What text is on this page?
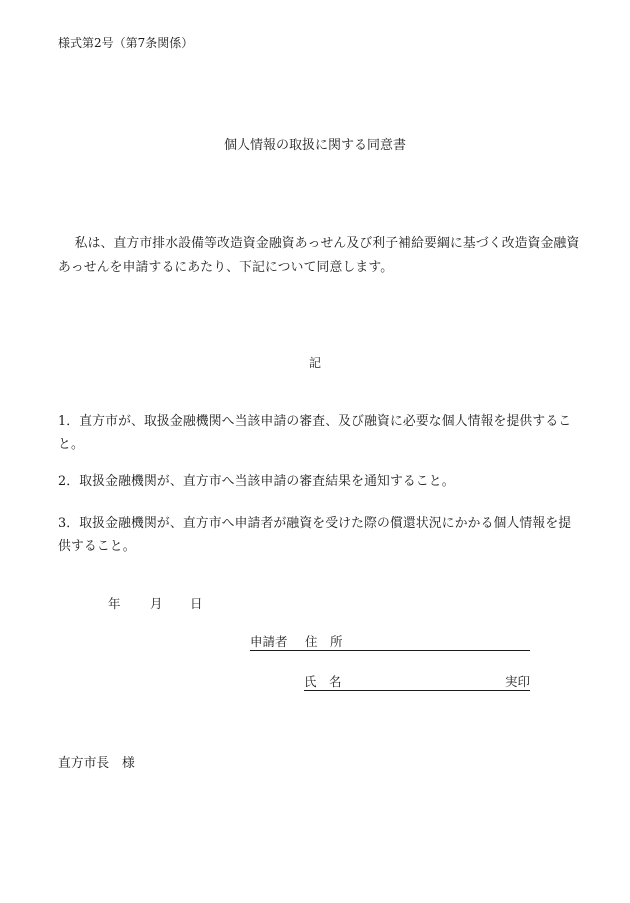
様式第2号（第7条関係）
個人情報の取扱に関する同意書
私は、直方市排水設備等改造資金融資あっせん及び利子補給要綱に基づく改造資金融資あっせんを申請するにあたり、下記について同意します。
記
1．直方市が、取扱金融機関へ当該申請の審査、及び融資に必要な個人情報を提供すること。
2．取扱金融機関が、直方市へ当該申請の審査結果を通知すること。
3．取扱金融機関が、直方市へ申請者が融資を受けた際の償還状況にかかる個人情報を提供すること。
年 月 日
申請者 住　所
氏　名	実印
直方市長　様
